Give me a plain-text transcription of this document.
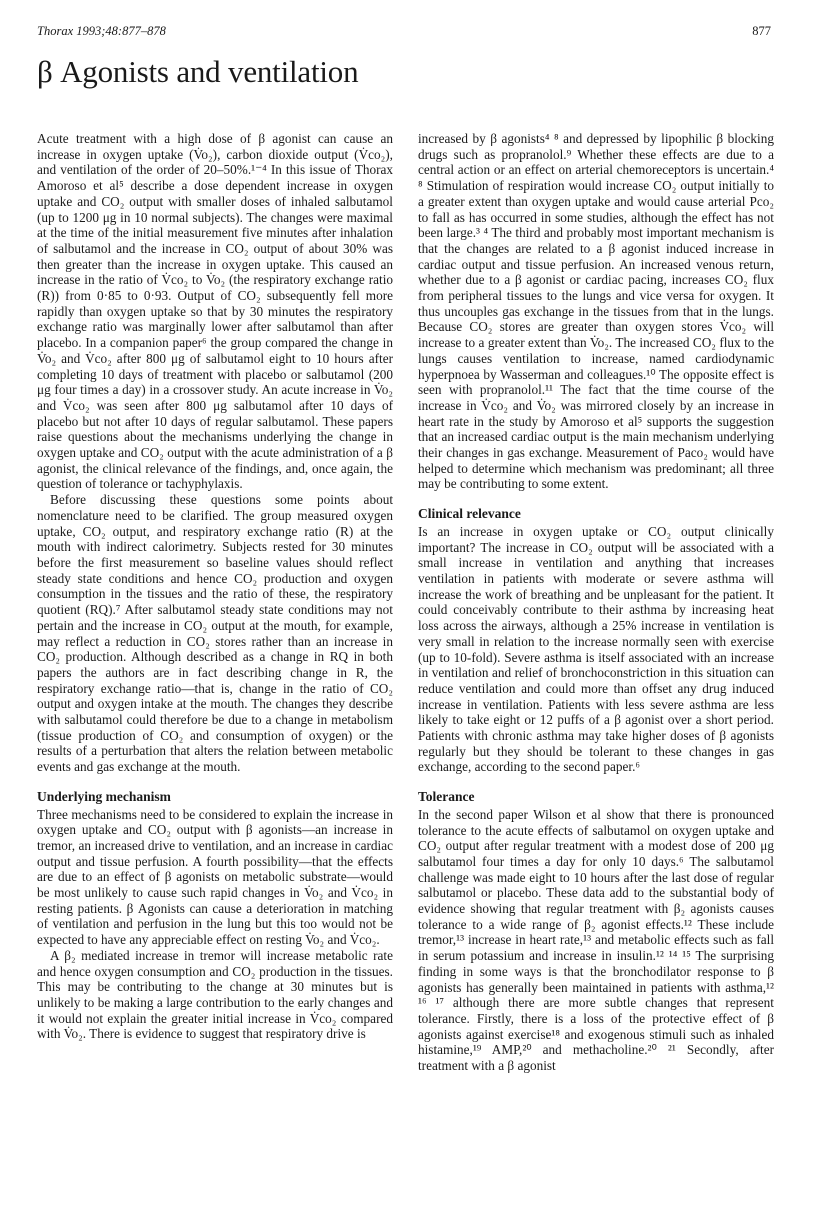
Thorax 1993;48:877–878	877
β Agonists and ventilation

Acute treatment with a high dose of β agonist can cause an increase in oxygen uptake (V̇o₂), carbon dioxide output (V̇co₂), and ventilation of the order of 20–50%.¹⁻⁴ In this issue of Thorax Amoroso et al⁵ describe a dose dependent increase in oxygen uptake and CO₂ output with smaller doses of inhaled salbutamol (up to 1200 μg in 10 normal subjects). The changes were maximal at the time of the initial measurement five minutes after inhalation of salbutamol and the increase in CO₂ output of about 30% was then greater than the increase in oxygen uptake. This caused an increase in the ratio of V̇co₂ to V̇o₂ (the respiratory exchange ratio (R)) from 0·85 to 0·93. Output of CO₂ subsequently fell more rapidly than oxygen uptake so that by 30 minutes the respiratory exchange ratio was marginally lower after salbutamol than after placebo. In a companion paper⁶ the group compared the change in V̇o₂ and V̇co₂ after 800 μg of salbutamol eight to 10 hours after completing 10 days of treatment with placebo or salbutamol (200 μg four times a day) in a crossover study. An acute increase in V̇o₂ and V̇co₂ was seen after 800 μg salbutamol after 10 days of placebo but not after 10 days of regular salbutamol. These papers raise questions about the mechanisms underlying the change in oxygen uptake and CO₂ output with the acute administration of a β agonist, the clinical relevance of the findings, and, once again, the question of tolerance or tachyphylaxis.

Before discussing these questions some points about nomenclature need to be clarified. The group measured oxygen uptake, CO₂ output, and respiratory exchange ratio (R) at the mouth with indirect calorimetry. Subjects rested for 30 minutes before the first measurement so baseline values should reflect steady state conditions and hence CO₂ production and oxygen consumption in the tissues and the ratio of these, the respiratory quotient (RQ).⁷ After salbutamol steady state conditions may not pertain and the increase in CO₂ output at the mouth, for example, may reflect a reduction in CO₂ stores rather than an increase in CO₂ production. Although described as a change in RQ in both papers the authors are in fact describing change in R, the respiratory exchange ratio—that is, change in the ratio of CO₂ output and oxygen intake at the mouth. The changes they describe with salbutamol could therefore be due to a change in metabolism (tissue production of CO₂ and consumption of oxygen) or the results of a perturbation that alters the relation between metabolic events and gas exchange at the mouth.

Underlying mechanism

Three mechanisms need to be considered to explain the increase in oxygen uptake and CO₂ output with β agonists—an increase in tremor, an increased drive to ventilation, and an increase in cardiac output and tissue perfusion. A fourth possibility—that the effects are due to an effect of β agonists on metabolic substrate—would be most unlikely to cause such rapid changes in V̇o₂ and V̇co₂ in resting patients. β Agonists can cause a deterioration in matching of ventilation and perfusion in the lung but this too would not be expected to have any appreciable effect on resting V̇o₂ and V̇co₂.

A β₂ mediated increase in tremor will increase metabolic rate and hence oxygen consumption and CO₂ production in the tissues. This may be contributing to the change at 30 minutes but is unlikely to be making a large contribution to the early changes and it would not explain the greater initial increase in V̇co₂ compared with V̇o₂. There is evidence to suggest that respiratory drive is

increased by β agonists⁴ ⁸ and depressed by lipophilic β blocking drugs such as propranolol.⁹ Whether these effects are due to a central action or an effect on arterial chemoreceptors is uncertain.⁴ ⁸ Stimulation of respiration would increase CO₂ output initially to a greater extent than oxygen uptake and would cause arterial Pco₂ to fall as has occurred in some studies, although the effect has not been large.³ ⁴ The third and probably most important mechanism is that the changes are related to a β agonist induced increase in cardiac output and tissue perfusion. An increased venous return, whether due to a β agonist or cardiac pacing, increases CO₂ flux from peripheral tissues to the lungs and vice versa for oxygen. It thus uncouples gas exchange in the tissues from that in the lungs. Because CO₂ stores are greater than oxygen stores V̇co₂ will increase to a greater extent than V̇o₂. The increased CO₂ flux to the lungs causes ventilation to increase, named cardiodynamic hyperpnoea by Wasserman and colleagues.¹⁰ The opposite effect is seen with propranolol.¹¹ The fact that the time course of the increase in V̇co₂ and V̇o₂ was mirrored closely by an increase in heart rate in the study by Amoroso et al⁵ supports the suggestion that an increased cardiac output is the main mechanism underlying their changes in gas exchange. Measurement of Paco₂ would have helped to determine which mechanism was predominant; all three may be contributing to some extent.

Clinical relevance

Is an increase in oxygen uptake or CO₂ output clinically important? The increase in CO₂ output will be associated with a small increase in ventilation and anything that increases ventilation in patients with moderate or severe asthma will increase the work of breathing and be unpleasant for the patient. It could conceivably contribute to their asthma by increasing heat loss across the airways, although a 25% increase in ventilation is very small in relation to the increase normally seen with exercise (up to 10-fold). Severe asthma is itself associated with an increase in ventilation and relief of bronchoconstriction in this situation can reduce ventilation and could more than offset any drug induced increase in ventilation. Patients with less severe asthma are less likely to take eight or 12 puffs of a β agonist over a short period. Patients with chronic asthma may take higher doses of β agonists regularly but they should be tolerant to these changes in gas exchange, according to the second paper.⁶

Tolerance

In the second paper Wilson et al show that there is pronounced tolerance to the acute effects of salbutamol on oxygen uptake and CO₂ output after regular treatment with a modest dose of 200 μg salbutamol four times a day for only 10 days.⁶ The salbutamol challenge was made eight to 10 hours after the last dose of regular salbutamol or placebo. These data add to the substantial body of evidence showing that regular treatment with β₂ agonists causes tolerance to a wide range of β₂ agonist effects.¹² These include tremor,¹³ increase in heart rate,¹³ and metabolic effects such as fall in serum potassium and increase in insulin.¹² ¹⁴ ¹⁵ The surprising finding in some ways is that the bronchodilator response to β agonists has generally been maintained in patients with asthma,¹² ¹⁶ ¹⁷ although there are more subtle changes that represent tolerance. Firstly, there is a loss of the protective effect of β agonists against exercise¹⁸ and exogenous stimuli such as inhaled histamine,¹⁹ AMP,²⁰ and methacholine.²⁰ ²¹ Secondly, after treatment with a β agonist
